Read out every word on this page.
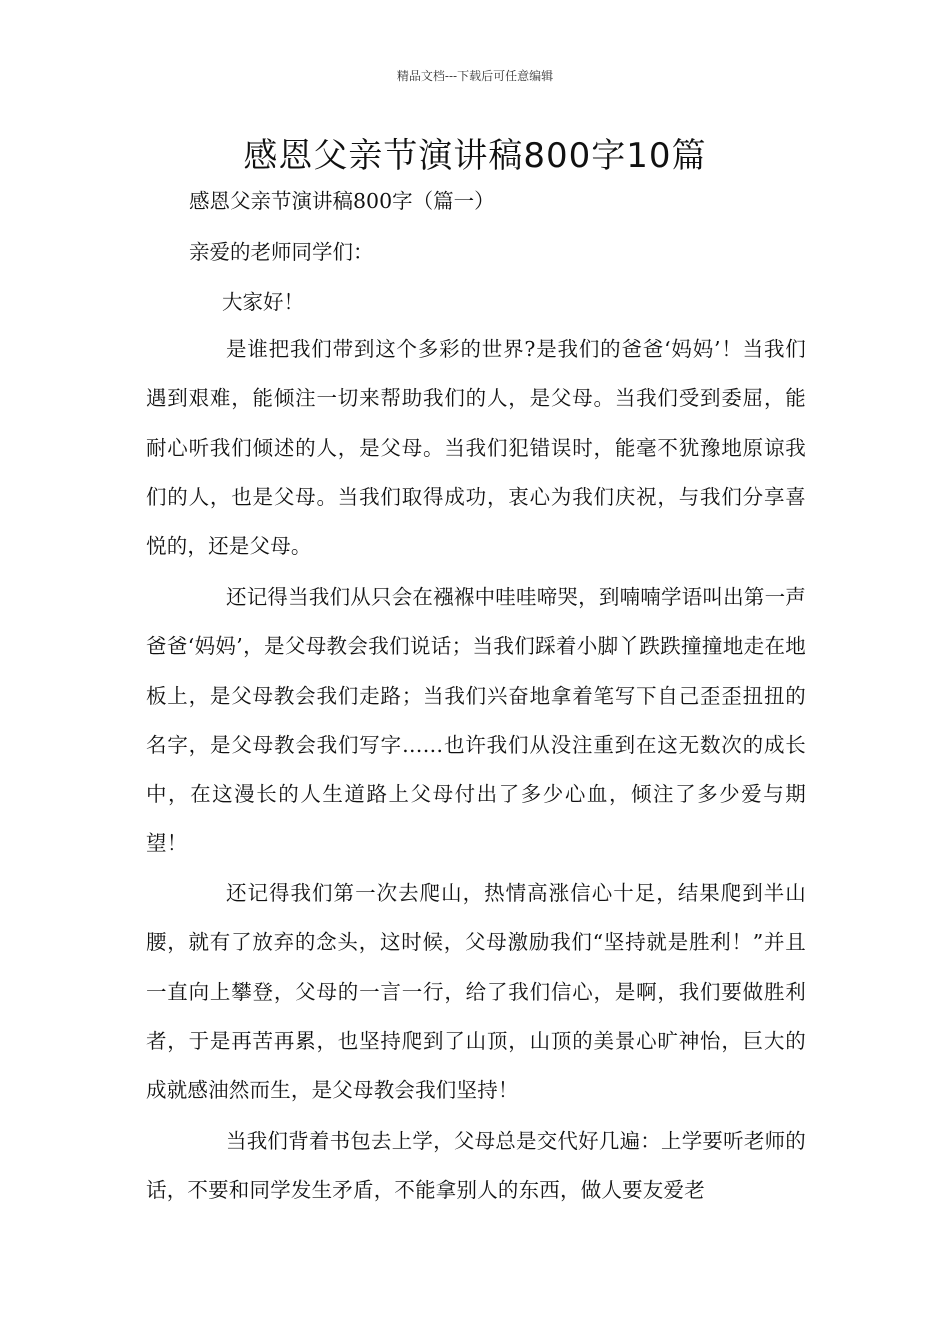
精品文档---下载后可任意编辑
感恩父亲节演讲稿800字10篇
感恩父亲节演讲稿800字（篇一）
亲爱的老师同学们：
大家好！

是谁把我们带到这个多彩的世界?是我们的爸爸‘妈妈’！当我们遇到艰难，能倾注一切来帮助我们的人，是父母。当我们受到委屈，能耐心听我们倾述的人，是父母。当我们犯错误时，能毫不犹豫地原谅我们的人，也是父母。当我们取得成功，衷心为我们庆祝，与我们分享喜悦的，还是父母。

还记得当我们从只会在襁褓中哇哇啼哭，到喃喃学语叫出第一声爸爸‘妈妈’，是父母教会我们说话；当我们踩着小脚丫跌跌撞撞地走在地板上，是父母教会我们走路；当我们兴奋地拿着笔写下自己歪歪扭扭的名字，是父母教会我们写字……也许我们从没注重到在这无数次的成长中，在这漫长的人生道路上父母付出了多少心血，倾注了多少爱与期望！

还记得我们第一次去爬山，热情高涨信心十足，结果爬到半山腰，就有了放弃的念头，这时候，父母激励我们“坚持就是胜利！”并且一直向上攀登，父母的一言一行，给了我们信心，是啊，我们要做胜利者，于是再苦再累，也坚持爬到了山顶，山顶的美景心旷神怡，巨大的成就感油然而生，是父母教会我们坚持！

当我们背着书包去上学，父母总是交代好几遍：上学要听老师的话，不要和同学发生矛盾，不能拿别人的东西，做人要友爱老
